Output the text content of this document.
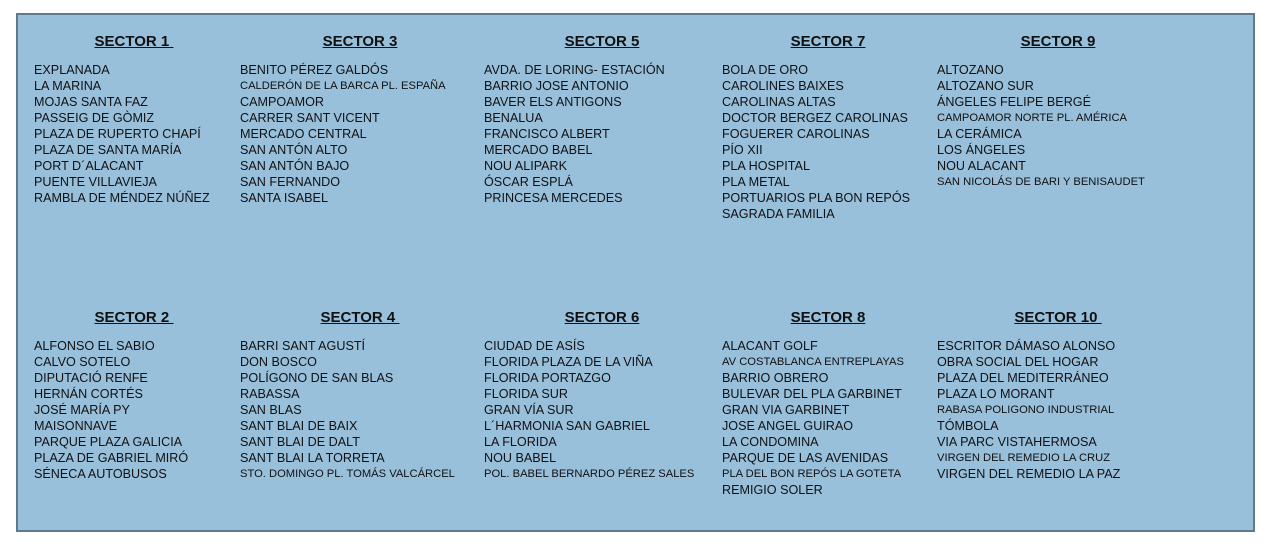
SECTOR 1
EXPLANADA
LA MARINA
MOJAS SANTA FAZ
PASSEIG DE GÒMIZ
PLAZA DE RUPERTO CHAPÍ
PLAZA DE SANTA MARÍA
PORT D´ALACANT
PUENTE VILLAVIEJA
RAMBLA DE MÉNDEZ NÚÑEZ
SECTOR 3
BENITO PÉREZ GALDÓS
CALDERÓN DE LA BARCA PL. ESPAÑA
CAMPOAMOR
CARRER SANT VICENT
MERCADO CENTRAL
SAN ANTÓN ALTO
SAN ANTÓN BAJO
SAN FERNANDO
SANTA ISABEL
SECTOR 5
AVDA. DE LORING- ESTACIÓN
BARRIO JOSE ANTONIO
BAVER ELS ANTIGONS
BENALUA
FRANCISCO ALBERT
MERCADO BABEL
NOU ALIPARK
ÓSCAR ESPLÁ
PRINCESA MERCEDES
SECTOR 7
BOLA DE ORO
CAROLINES BAIXES
CAROLINAS ALTAS
DOCTOR BERGEZ CAROLINAS
FOGUERER CAROLINAS
PÍO XII
PLA HOSPITAL
PLA METAL
PORTUARIOS PLA BON REPÓS
SAGRADA FAMILIA
SECTOR 9
ALTOZANO
ALTOZANO SUR
ÁNGELES FELIPE BERGÉ
CAMPOAMOR NORTE PL. AMÉRICA
LA CERÁMICA
LOS ÁNGELES
NOU ALACANT
SAN NICOLÁS DE BARI Y BENISAUDET
SECTOR 2
ALFONSO EL SABIO
CALVO SOTELO
DIPUTACIÓ RENFE
HERNÁN CORTÉS
JOSÉ MARÍA PY
MAISONNAVE
PARQUE PLAZA GALICIA
PLAZA DE GABRIEL MIRÓ
SÉNECA AUTOBUSOS
SECTOR 4
BARRI SANT AGUSTÍ
DON BOSCO
POLÍGONO DE SAN BLAS
RABASSA
SAN BLAS
SANT BLAI DE BAIX
SANT BLAI DE DALT
SANT BLAI LA TORRETA
STO. DOMINGO PL. TOMÁS VALCÁRCEL
SECTOR 6
CIUDAD DE ASÍS
FLORIDA PLAZA DE LA VIÑA
FLORIDA PORTAZGO
FLORIDA SUR
GRAN VÍA SUR
L´HARMONIA SAN GABRIEL
LA FLORIDA
NOU BABEL
POL. BABEL BERNARDO PÉREZ SALES
SECTOR 8
ALACANT GOLF
AV COSTABLANCA ENTREPLAYAS
BARRIO OBRERO
BULEVAR DEL PLA GARBINET
GRAN VIA GARBINET
JOSE ANGEL GUIRAO
LA CONDOMINA
PARQUE DE LAS AVENIDAS
PLA DEL BON REPÓS LA GOTETA
REMIGIO SOLER
SECTOR 10
ESCRITOR DÁMASO ALONSO
OBRA SOCIAL DEL HOGAR
PLAZA DEL MEDITERRÁNEO
PLAZA LO MORANT
RABASA POLIGONO INDUSTRIAL
TÓMBOLA
VIA PARC VISTAHERMOSA
VIRGEN DEL REMEDIO LA CRUZ
VIRGEN DEL REMEDIO LA PAZ
